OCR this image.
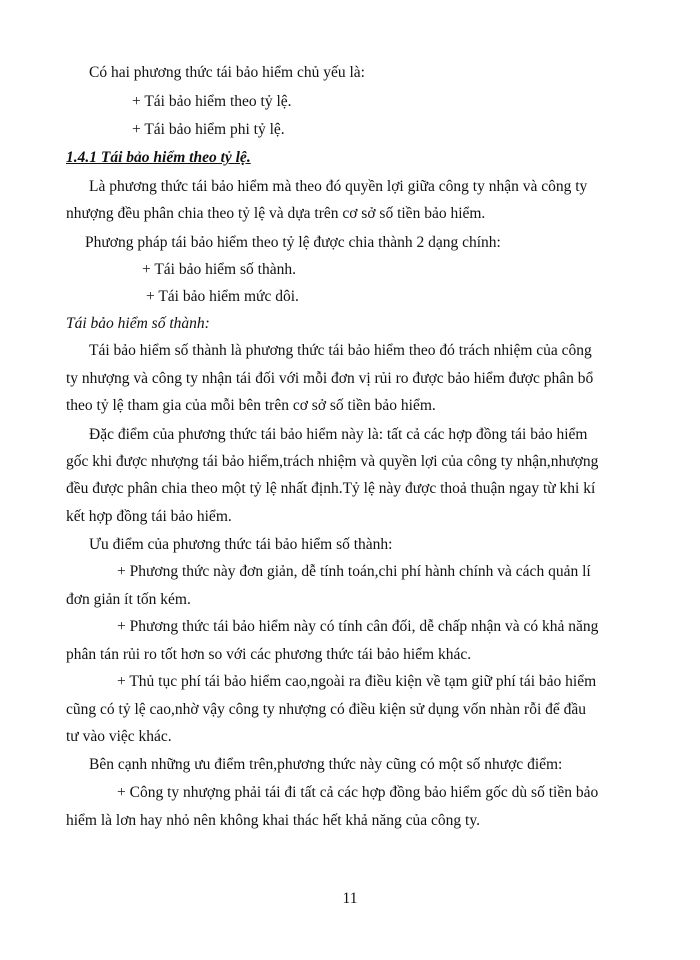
Có hai phương thức tái bảo hiểm chủ yếu là:
+ Tái bảo hiểm theo tỷ lệ.
+ Tái bảo hiểm phi tỷ lệ.
1.4.1 Tái bảo hiểm theo tỷ lệ.
Là phương thức tái bảo hiểm mà theo đó quyền lợi giữa công ty nhận và công ty
nhượng đều phân chia theo tỷ lệ và dựa trên cơ sở số tiền bảo hiểm.
Phương pháp tái bảo hiểm theo tỷ lệ được chia thành 2 dạng chính:
+ Tái bảo hiểm số thành.
+ Tái bảo hiểm mức dôi.
Tái bảo hiểm số thành:
Tái bảo hiểm số thành là phương thức tái bảo hiểm theo đó trách nhiệm của công
ty nhượng và công ty nhận tái đối với mỗi đơn vị rủi ro được bảo hiểm được phân bổ
theo tỷ lệ tham gia của mỗi bên trên cơ sở số tiền bảo hiểm.
Đặc điểm của phương thức tái bảo hiểm này là: tất cả các hợp đồng tái bảo hiểm
gốc khi được nhượng tái bảo hiểm,trách nhiệm và quyền lợi của công ty nhận,nhượng
đều được phân chia theo một tỷ lệ nhất định.Tỷ lệ này được thoả thuận ngay từ khi kí
kết hợp đồng tái bảo hiểm.
Ưu điểm của phương thức tái bảo hiểm số thành:
+ Phương thức này đơn giản, dễ tính toán,chi phí hành chính và cách quản lí
đơn giản ít tốn kém.
+ Phương thức tái bảo hiểm này có tính cân đối, dễ chấp nhận và có khả năng
phân tán rủi ro tốt hơn so với các phương thức tái bảo hiểm khác.
+ Thủ tục phí tái bảo hiểm cao,ngoài ra điều kiện về tạm giữ phí tái bảo hiểm
cũng có tỷ lệ cao,nhờ vậy công ty nhượng có điều kiện sử dụng vốn nhàn rỗi để đầu
tư vào việc khác.
Bên cạnh những ưu điểm trên,phương thức này cũng có một số nhược điểm:
+ Công ty nhượng phải tái đi tất cả các hợp đồng bảo hiểm gốc dù số tiền bảo
hiểm là lơn hay nhỏ nên không khai thác hết khả năng của công ty.
11
